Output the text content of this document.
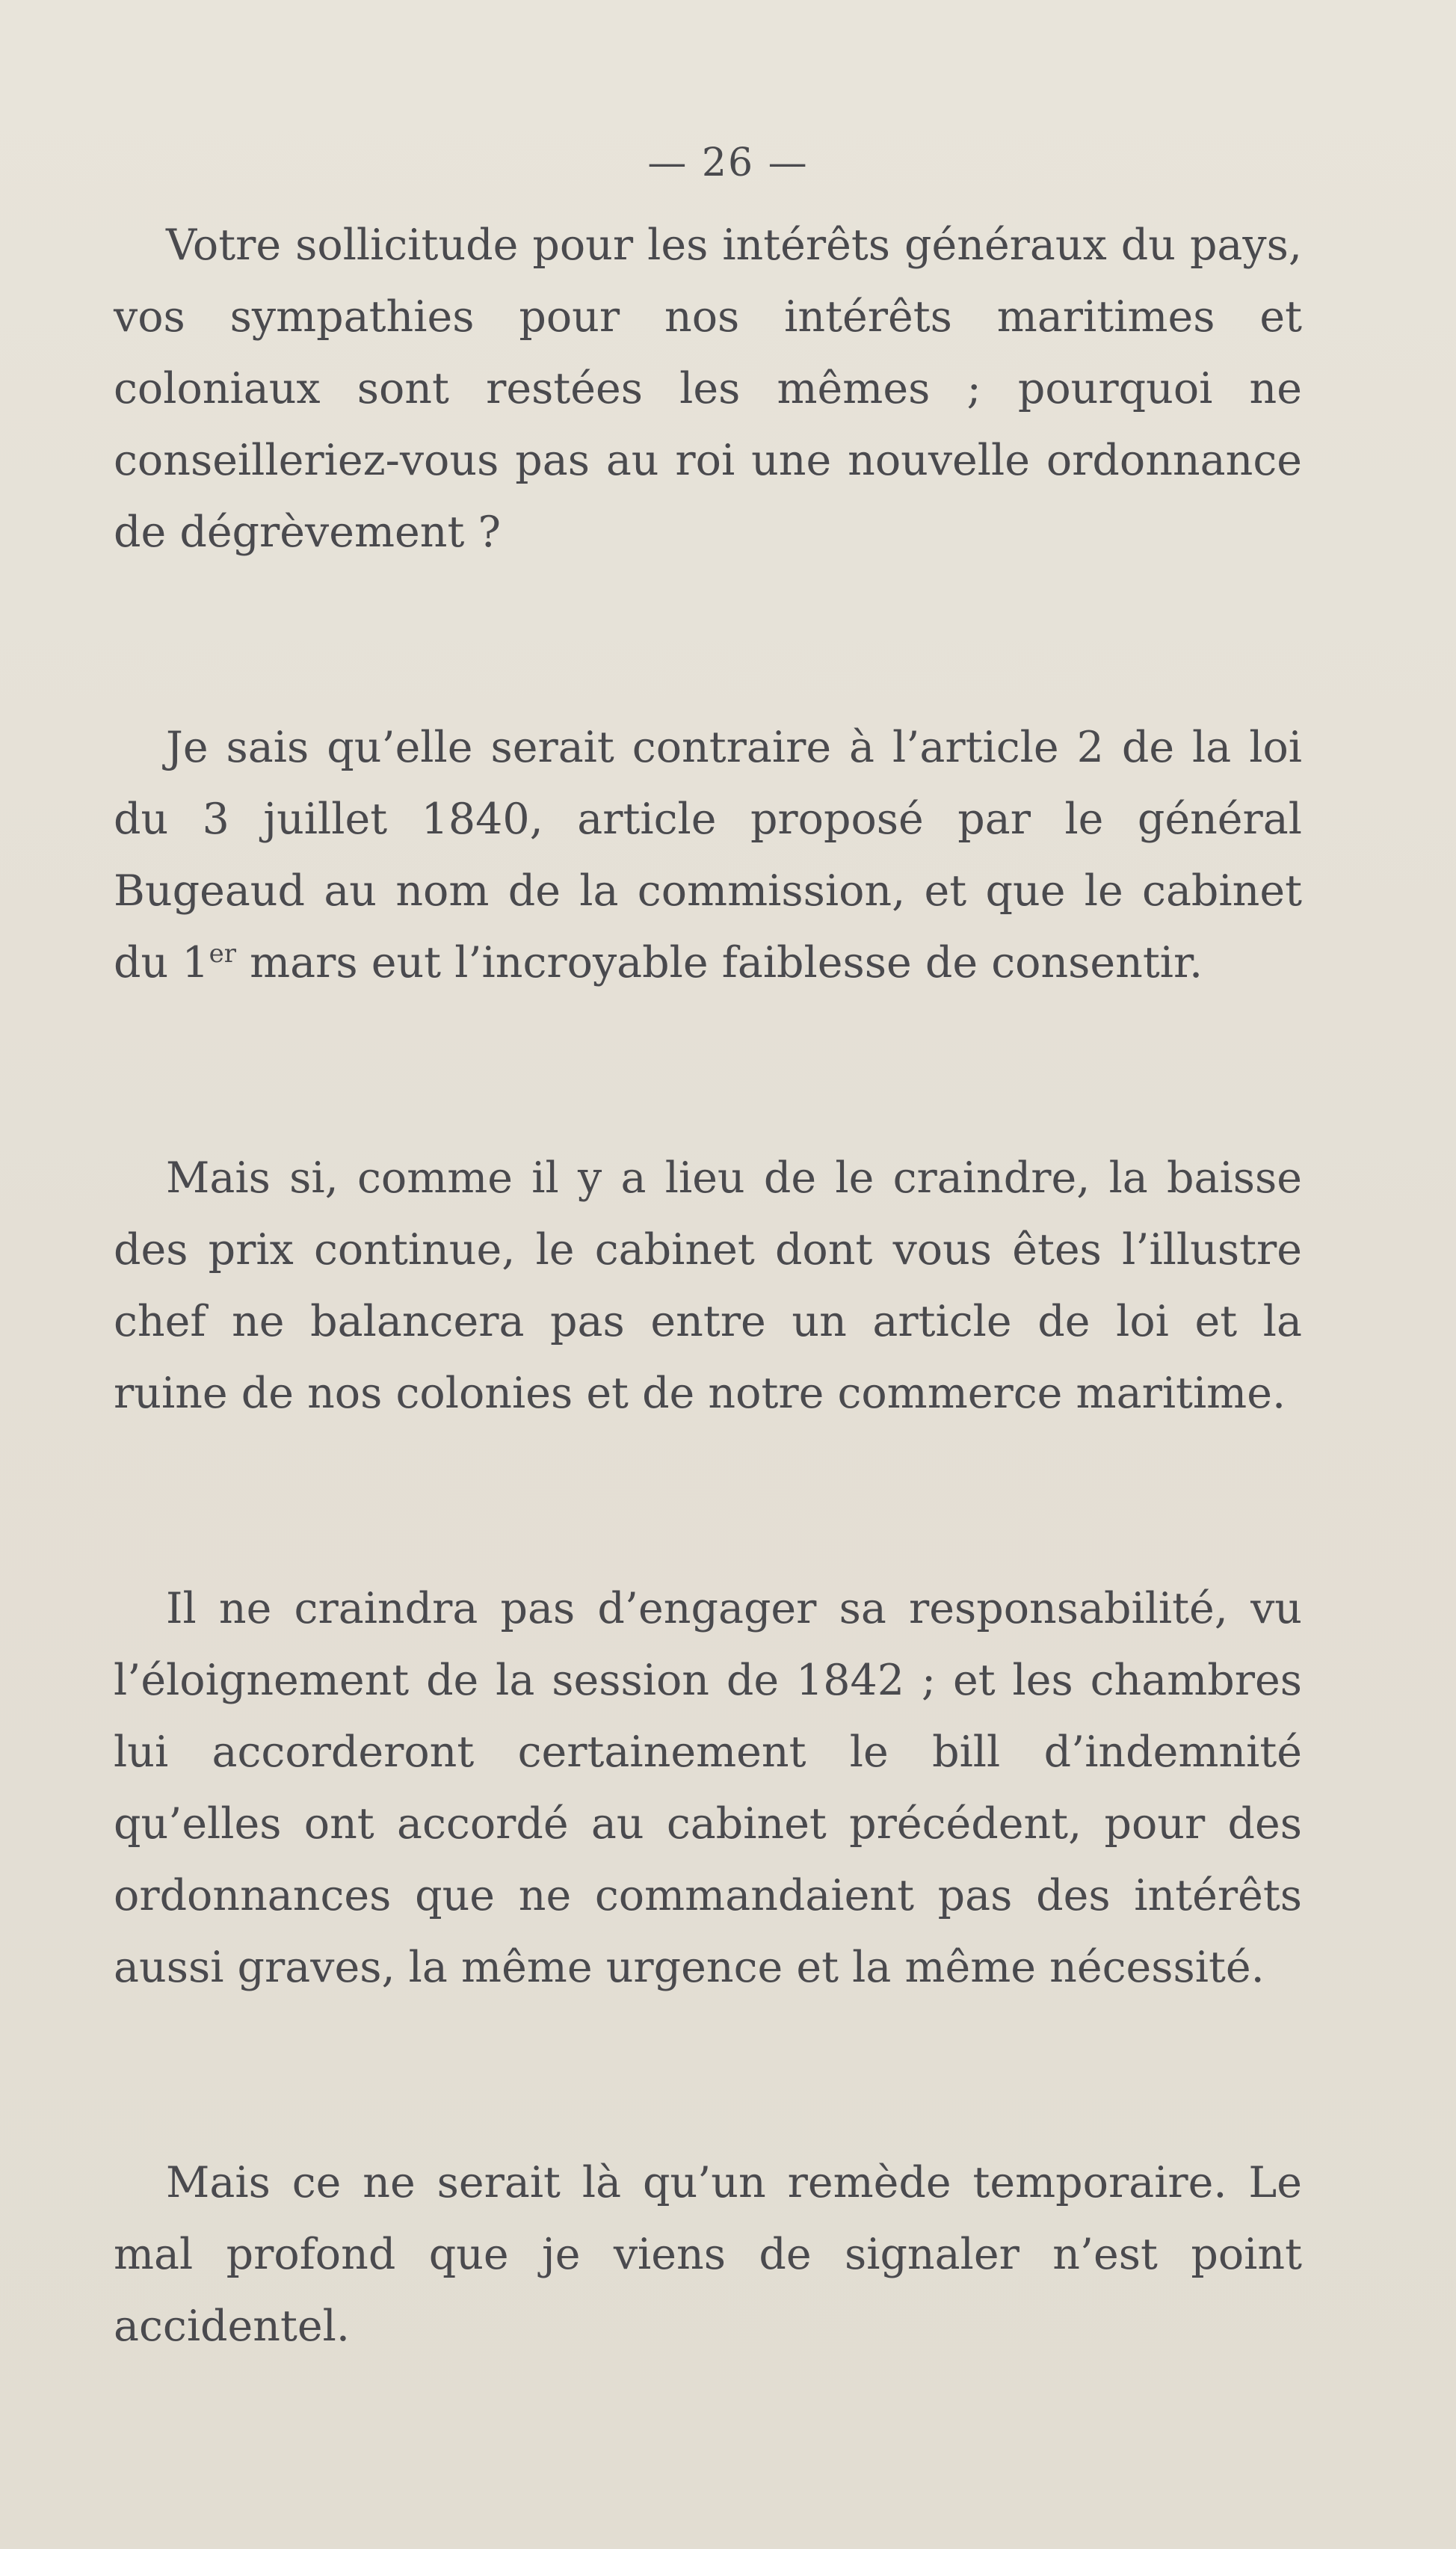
— 26 —

Votre sollicitude pour les intérêts généraux du pays, vos sympathies pour nos intérêts maritimes et coloniaux sont restées les mêmes ; pourquoi ne conseilleriez-vous pas au roi une nouvelle ordonnance de dégrèvement ?

Je sais qu’elle serait contraire à l’article 2 de la loi du 3 juillet 1840, article proposé par le général Bugeaud au nom de la commission, et que le cabinet du 1er mars eut l’incroyable faiblesse de consentir.

Mais si, comme il y a lieu de le craindre, la baisse des prix continue, le cabinet dont vous êtes l’illustre chef ne balancera pas entre un article de loi et la ruine de nos colonies et de notre commerce maritime.

Il ne craindra pas d’engager sa responsabilité, vu l’éloignement de la session de 1842 ; et les chambres lui accorderont certainement le bill d’indemnité qu’elles ont accordé au cabinet précédent, pour des ordonnances que ne commandaient pas des intérêts aussi graves, la même urgence et la même nécessité.

Mais ce ne serait là qu’un remède temporaire. Le mal profond que je viens de signaler n’est point accidentel.
